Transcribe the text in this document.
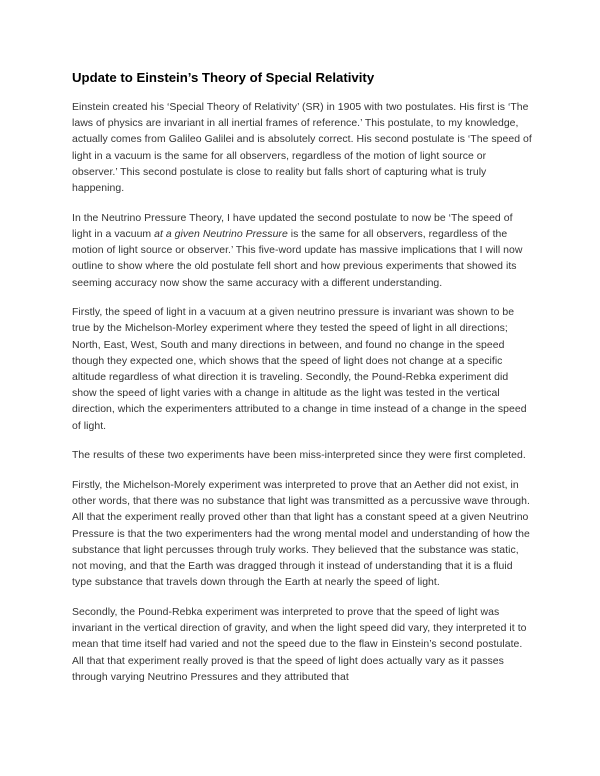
Update to Einstein’s Theory of Special Relativity

Einstein created his ‘Special Theory of Relativity’ (SR) in 1905 with two postulates. His first is ‘The laws of physics are invariant in all inertial frames of reference.’ This postulate, to my knowledge, actually comes from Galileo Galilei and is absolutely correct. His second postulate is ‘The speed of light in a vacuum is the same for all observers, regardless of the motion of light source or observer.’ This second postulate is close to reality but falls short of capturing what is truly happening.

In the Neutrino Pressure Theory, I have updated the second postulate to now be ‘The speed of light in a vacuum at a given Neutrino Pressure is the same for all observers, regardless of the motion of light source or observer.’ This five-word update has massive implications that I will now outline to show where the old postulate fell short and how previous experiments that showed its seeming accuracy now show the same accuracy with a different understanding.

Firstly, the speed of light in a vacuum at a given neutrino pressure is invariant was shown to be true by the Michelson-Morley experiment where they tested the speed of light in all directions; North, East, West, South and many directions in between, and found no change in the speed though they expected one, which shows that the speed of light does not change at a specific altitude regardless of what direction it is traveling. Secondly, the Pound-Rebka experiment did show the speed of light varies with a change in altitude as the light was tested in the vertical direction, which the experimenters attributed to a change in time instead of a change in the speed of light.

The results of these two experiments have been miss-interpreted since they were first completed.

Firstly, the Michelson-Morely experiment was interpreted to prove that an Aether did not exist, in other words, that there was no substance that light was transmitted as a percussive wave through. All that the experiment really proved other than that light has a constant speed at a given Neutrino Pressure is that the two experimenters had the wrong mental model and understanding of how the substance that light percusses through truly works. They believed that the substance was static, not moving, and that the Earth was dragged through it instead of understanding that it is a fluid type substance that travels down through the Earth at nearly the speed of light.

Secondly, the Pound-Rebka experiment was interpreted to prove that the speed of light was invariant in the vertical direction of gravity, and when the light speed did vary, they interpreted it to mean that time itself had varied and not the speed due to the flaw in Einstein’s second postulate. All that that experiment really proved is that the speed of light does actually vary as it passes through varying Neutrino Pressures and they attributed that
